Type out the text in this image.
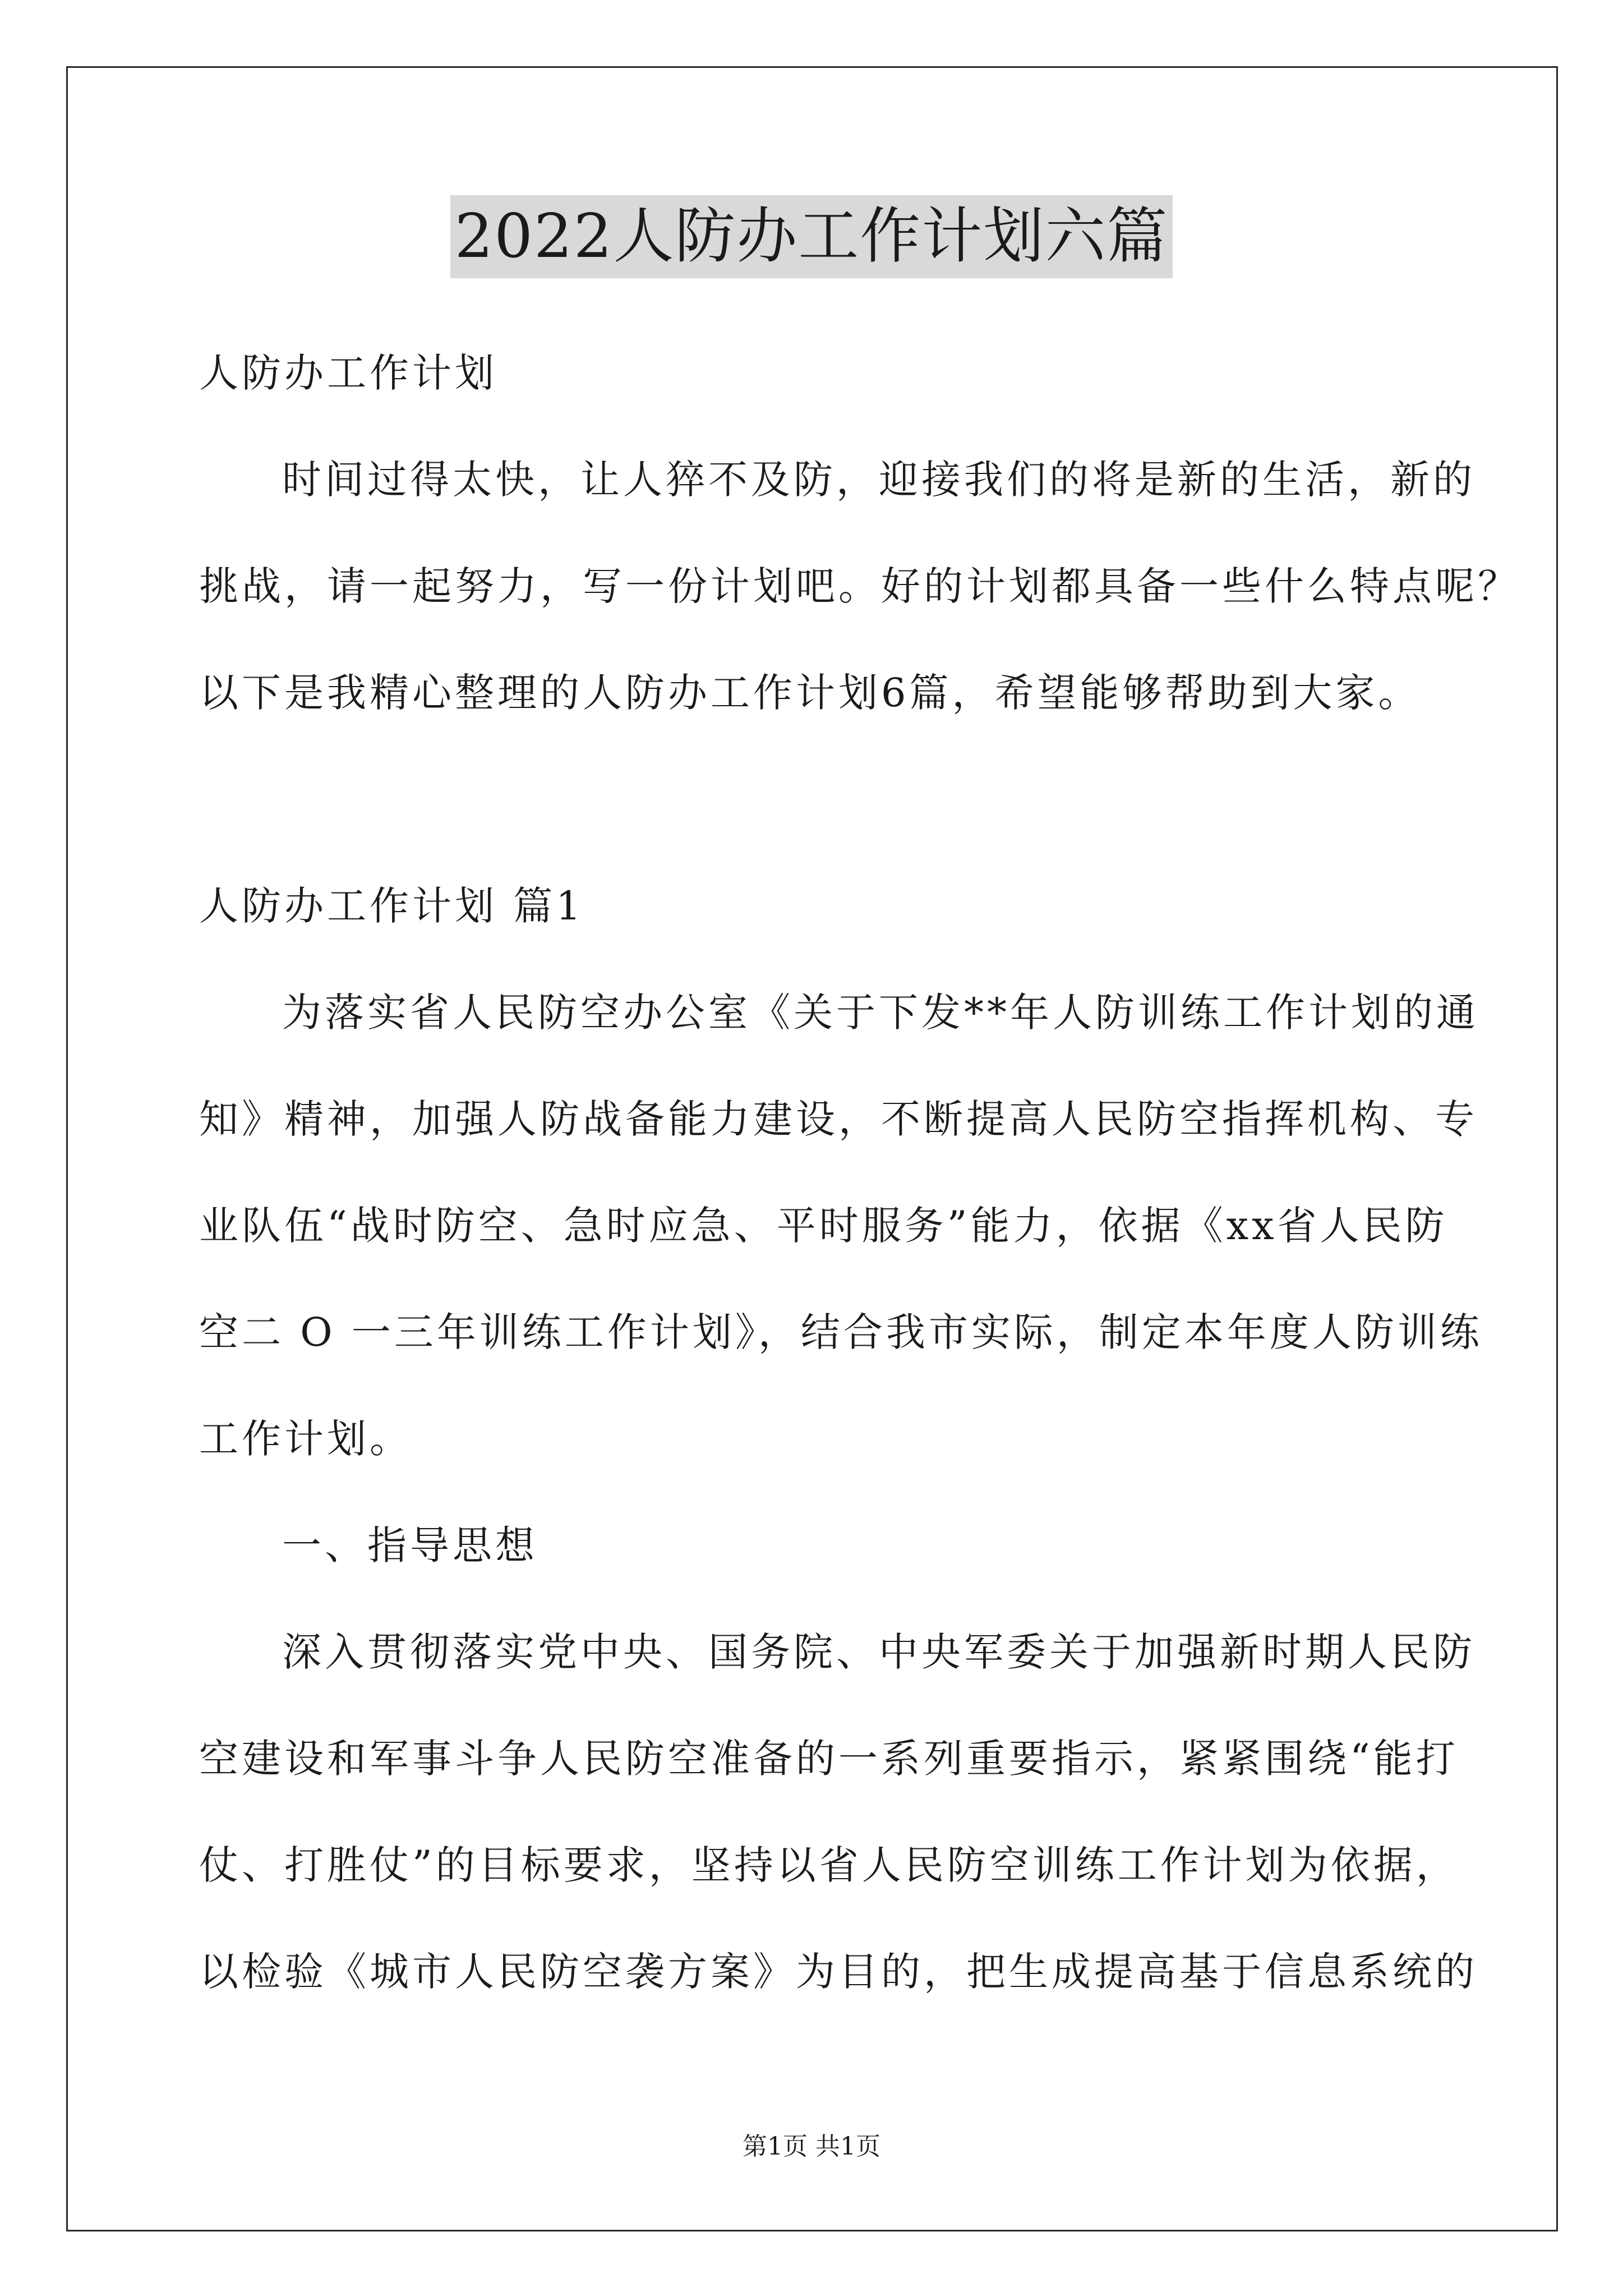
2022人防办工作计划六篇

人防办工作计划

时间过得太快，让人猝不及防，迎接我们的将是新的生活，新的

挑战，请一起努力，写一份计划吧。好的计划都具备一些什么特点呢？

以下是我精心整理的人防办工作计划6篇，希望能够帮助到大家。

人防办工作计划 篇1

为落实省人民防空办公室《关于下发**年人防训练工作计划的通

知》精神，加强人防战备能力建设，不断提高人民防空指挥机构、专

业队伍“战时防空、急时应急、平时服务”能力，依据《xx省人民防

空二 O 一三年训练工作计划》，结合我市实际，制定本年度人防训练

工作计划。

一、指导思想

深入贯彻落实党中央、国务院、中央军委关于加强新时期人民防

空建设和军事斗争人民防空准备的一系列重要指示，紧紧围绕“能打

仗、打胜仗”的目标要求，坚持以省人民防空训练工作计划为依据，

以检验《城市人民防空袭方案》为目的，把生成提高基于信息系统的

第1页 共1页
